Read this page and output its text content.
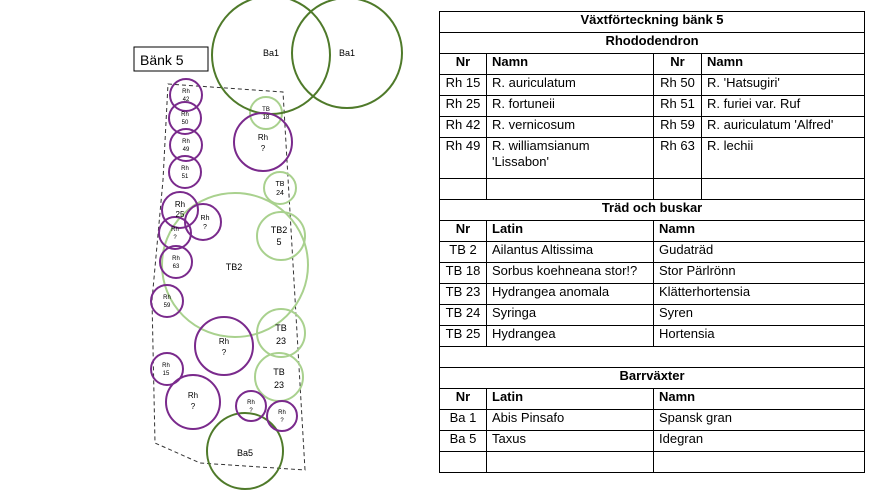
Bänk 5	Ba1	Ba1
Ba5
Rh 42
Rh 50
Rh 49
Rh 51
Rh ?
Rh 25 Rh ?
Rh ?
Rh 63
Rh 59
Rh ?
Rh 15
Rh ?	Rh ?	Rh ?
TB 18
TB 24
TB2 5
TB2
TB 23
TB 23
Växtförteckning bänk 5			
Rhododendron			
Nr	Namn	Nr	Namn
Rh 15	R. auriculatum	Rh 50	R. 'Hatsugiri'
Rh 25	R. fortuneii	Rh 51	R. furiei var. Ruf
Rh 42	R. vernicosum	Rh 59	R. auriculatum 'Alfred'
Rh 49	R. williamsianum 'Lissabon'	Rh 63	R. lechii

Träd och buskar			
Nr	Latin	Namn	
TB 2	Ailantus Altissima	Gudaträd	
TB 18	Sorbus koehneana stor!?	Stor Pärlrönn	
TB 23	Hydrangea anomala	Klätterhortensia	
TB 24	Syringa	Syren	
TB 25	Hydrangea	Hortensia	

Barrväxter			
Nr	Latin	Namn	
Ba 1	Abis Pinsafo	Spansk gran	
Ba 5	Taxus	Idegran	
